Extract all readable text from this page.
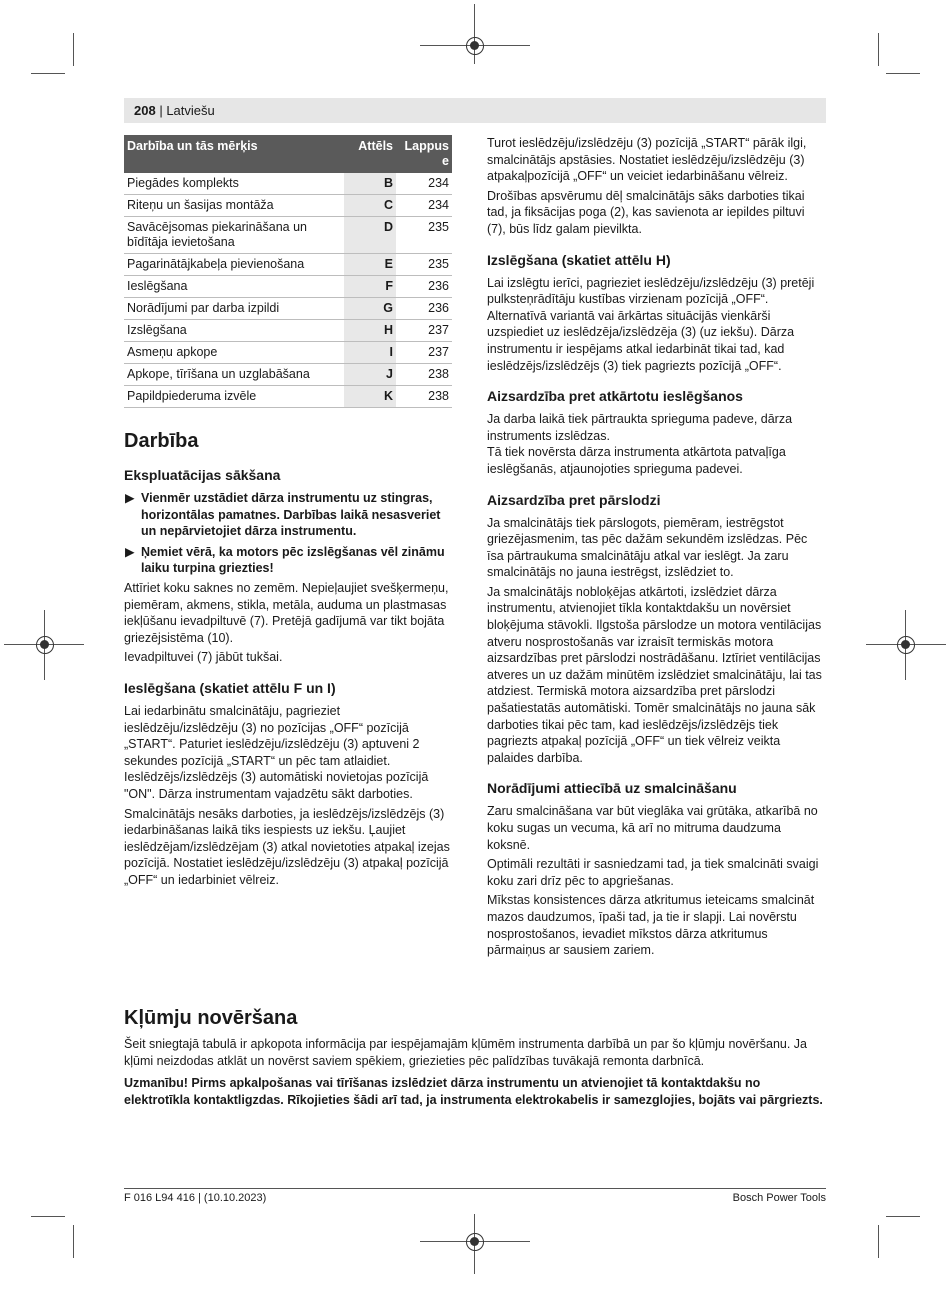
208 | Latviešu
Darbība un tās mērķis	Attēls	Lappuse
Piegādes komplekts	B	234
Riteņu un šasijas montāža	C	234
Savācējsomas piekarināšana un bīdītāja ievietošana	D	235
Pagarinātājkabeļa pievienošana	E	235
Ieslēgšana	F	236
Norādījumi par darba izpildi	G	236
Izslēgšana	H	237
Asmeņu apkope	I	237
Apkope, tīrīšana un uzglabāšana	J	238
Papildpiederuma izvēle	K	238
Darbība
Ekspluatācijas sākšana
▶ Vienmēr uzstādiet dārza instrumentu uz stingras, horizontālas pamatnes. Darbības laikā nesasveriet un nepārvietojiet dārza instrumentu.
▶ Ņemiet vērā, ka motors pēc izslēgšanas vēl zināmu laiku turpina griezties!

Attīriet koku saknes no zemēm. Nepieļaujiet svešķermeņu, piemēram, akmens, stikla, metāla, auduma un plastmasas iekļūšanu ievadpiltuvē (7). Pretējā gadījumā var tikt bojāta griezējsistēma (10).

Ievadpiltuvei (7) jābūt tukšai.

Ieslēgšana (skatiet attēlu F un I)

Lai iedarbinātu smalcinātāju, pagrieziet ieslēdzēju/izslēdzēju (3) no pozīcijas „OFF“ pozīcijā „START“. Paturiet ieslēdzēju/izslēdzēju (3) aptuveni 2 sekundes pozīcijā „START“ un pēc tam atlaidiet. Ieslēdzējs/izslēdzējs (3) automātiski novietojas pozīcijā "ON". Dārza instrumentam vajadzētu sākt darboties.

Smalcinātājs nesāks darboties, ja ieslēdzējs/izslēdzējs (3) iedarbināšanas laikā tiks iespiests uz iekšu. Ļaujiet ieslēdzējam/izslēdzējam (3) atkal novietoties atpakaļ izejas pozīcijā. Nostatiet ieslēdzēju/izslēdzēju (3) atpakaļ pozīcijā „OFF“ un iedarbiniet vēlreiz.

Turot ieslēdzēju/izslēdzēju (3) pozīcijā „START“ pārāk ilgi, smalcinātājs apstāsies. Nostatiet ieslēdzēju/izslēdzēju (3) atpakaļpozīcijā „OFF“ un veiciet iedarbināšanu vēlreiz.

Drošības apsvērumu dēļ smalcinātājs sāks darboties tikai tad, ja fiksācijas poga (2), kas savienota ar iepildes piltuvi (7), būs līdz galam pievilkta.

Izslēgšana (skatiet attēlu H)

Lai izslēgtu ierīci, pagrieziet ieslēdzēju/izslēdzēju (3) pretēji pulksteņrādītāju kustības virzienam pozīcijā „OFF“. Alternatīvā variantā vai ārkārtas situācijās vienkārši uzspiediet uz ieslēdzēja/izslēdzēja (3) (uz iekšu). Dārza instrumentu ir iespējams atkal iedarbināt tikai tad, kad ieslēdzējs/izslēdzējs (3) tiek pagriezts pozīcijā „OFF“.

Aizsardzība pret atkārtotu ieslēgšanos

Ja darba laikā tiek pārtraukta sprieguma padeve, dārza instruments izslēdzas.

Tā tiek novērsta dārza instrumenta atkārtota patvaļīga ieslēgšanās, atjaunojoties sprieguma padevei.

Aizsardzība pret pārslodzi

Ja smalcinātājs tiek pārslogots, piemēram, iestrēgstot griezējasmenim, tas pēc dažām sekundēm izslēdzas. Pēc īsa pārtraukuma smalcinātāju atkal var ieslēgt. Ja zaru smalcinātājs no jauna iestrēgst, izslēdziet to.

Ja smalcinātājs nobloķējas atkārtoti, izslēdziet dārza instrumentu, atvienojiet tīkla kontaktdakšu un novērsiet bloķējuma stāvokli. Ilgstoša pārslodze un motora ventilācijas atveru nosprostošanās var izraisīt termiskās motora aizsardzības pret pārslodzi nostrādāšanu. Iztīriet ventilācijas atveres un uz dažām minūtēm izslēdziet smalcinātāju, lai tas atdziest. Termiskā motora aizsardzība pret pārslodzi pašatiestatās automātiski. Tomēr smalcinātājs no jauna sāk darboties tikai pēc tam, kad ieslēdzējs/izslēdzējs tiek pagriezts atpakaļ pozīcijā „OFF“ un tiek vēlreiz veikta palaides darbība.

Norādījumi attiecībā uz smalcināšanu

Zaru smalcināšana var būt vieglāka vai grūtāka, atkarībā no koku sugas un vecuma, kā arī no mitruma daudzuma koksnē.

Optimāli rezultāti ir sasniedzami tad, ja tiek smalcināti svaigi koku zari drīz pēc to apgriešanas.

Mīkstas konsistences dārza atkritumus ieteicams smalcināt mazos daudzumos, īpaši tad, ja tie ir slapji. Lai novērstu nosprostošanos, ievadiet mīkstos dārza atkritumus pārmaiņus ar sausiem zariem.

Kļūmju novēršana

Šeit sniegtajā tabulā ir apkopota informācija par iespējamajām kļūmēm instrumenta darbībā un par šo kļūmju novēršanu. Ja kļūmi neizdodas atklāt un novērst saviem spēkiem, griezieties pēc palīdzības tuvākajā remonta darbnīcā.

Uzmanību! Pirms apkalpošanas vai tīrīšanas izslēdziet dārza instrumentu un atvienojiet tā kontaktdakšu no elektrotīkla kontaktligzdas. Rīkojieties šādi arī tad, ja instrumenta elektrokabelis ir samezglojies, bojāts vai pārgriezts.

F 016 L94 416 | (10.10.2023)	Bosch Power Tools
